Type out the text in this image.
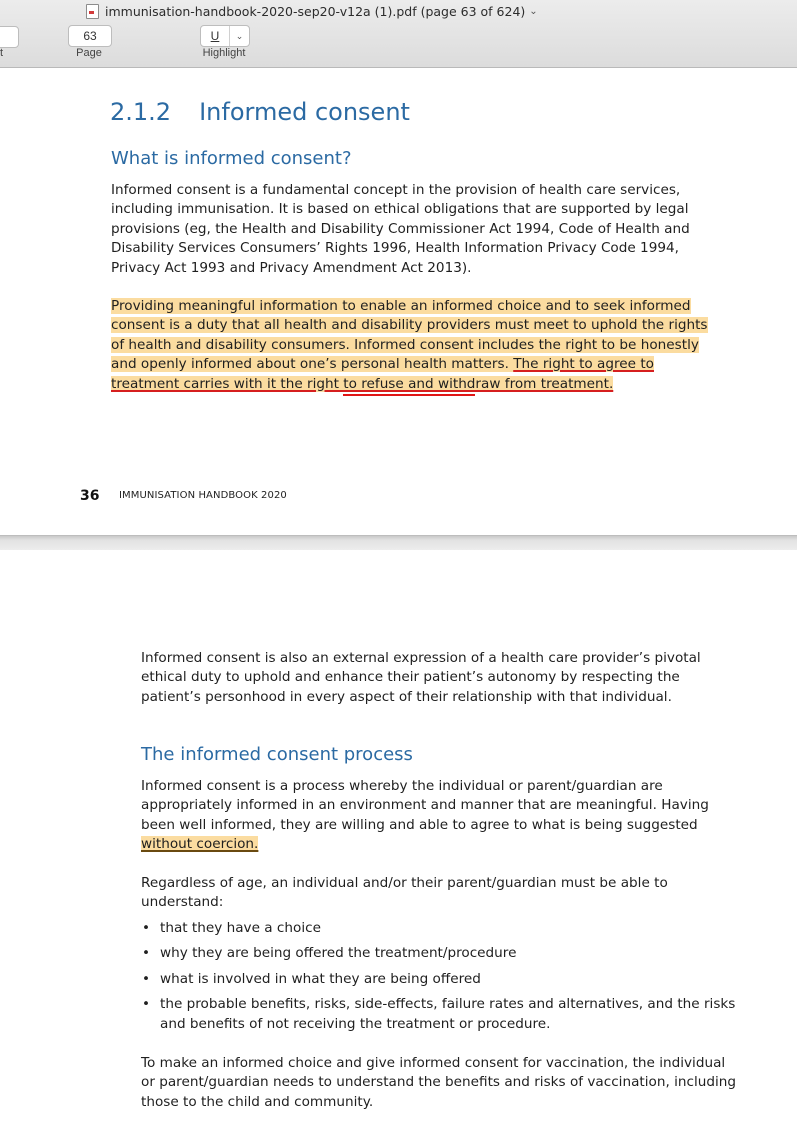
immunisation-handbook-2020-sep20-v12a (1).pdf (page 63 of 624) ⌄
t
63
Page
U	⌄
Highlight
2.1.2 Informed consent
What is informed consent?
Informed consent is a fundamental concept in the provision of health care services,
including immunisation. It is based on ethical obligations that are supported by legal
provisions (eg, the Health and Disability Commissioner Act 1994, Code of Health and
Disability Services Consumers’ Rights 1996, Health Information Privacy Code 1994,
Privacy Act 1993 and Privacy Amendment Act 2013).
Providing meaningful information to enable an informed choice and to seek informed
consent is a duty that all health and disability providers must meet to uphold the rights
of health and disability consumers. Informed consent includes the right to be honestly
and openly informed about one’s personal health matters. The right to agree to
treatment carries with it the right to refuse and withdraw from treatment.
36 IMMUNISATION HANDBOOK 2020
Informed consent is also an external expression of a health care provider’s pivotal
ethical duty to uphold and enhance their patient’s autonomy by respecting the
patient’s personhood in every aspect of their relationship with that individual.
The informed consent process
Informed consent is a process whereby the individual or parent/guardian are
appropriately informed in an environment and manner that are meaningful. Having
been well informed, they are willing and able to agree to what is being suggested
without coercion.
Regardless of age, an individual and/or their parent/guardian must be able to
understand:
• that they have a choice
• why they are being offered the treatment/procedure
• what is involved in what they are being offered
• the probable benefits, risks, side-effects, failure rates and alternatives, and the risks
and benefits of not receiving the treatment or procedure.
To make an informed choice and give informed consent for vaccination, the individual
or parent/guardian needs to understand the benefits and risks of vaccination, including
those to the child and community.
